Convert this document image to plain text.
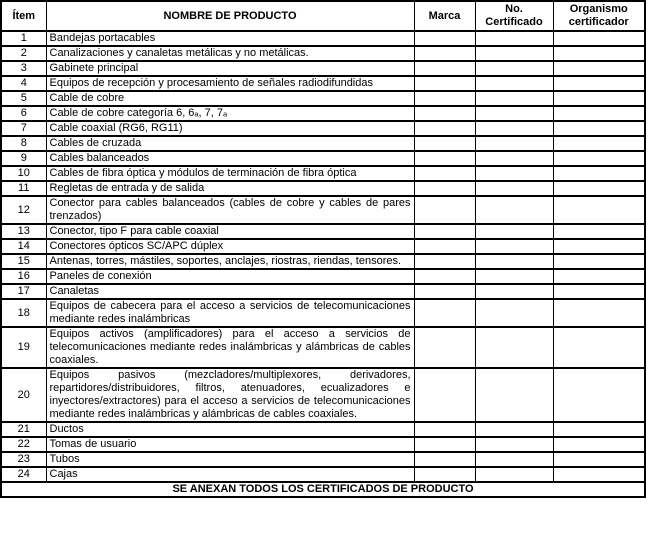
Ítem	NOMBRE DE PRODUCTO	Marca	No. Certificado	Organismo certificador
1	Bandejas portacables			
2	Canalizaciones y canaletas metálicas y no metálicas.			
3	Gabinete principal			
4	Equipos de recepción y procesamiento de señales radiodifundidas			
5	Cable de cobre			
6	Cable de cobre categoría 6, 6ₐ, 7, 7ₐ			
7	Cable coaxial (RG6, RG11)			
8	Cables de cruzada			
9	Cables balanceados			
10	Cables de fibra óptica y módulos de terminación de fibra óptica			
11	Regletas de entrada y de salida			
12	Conector para cables balanceados (cables de cobre y cables de pares trenzados)			
13	Conector, tipo F para cable coaxial			
14	Conectores ópticos SC/APC dúplex			
15	Antenas, torres, mástiles, soportes, anclajes, riostras, riendas, tensores.			
16	Paneles de conexión			
17	Canaletas			
18	Equipos de cabecera para el acceso a servicios de telecomunicaciones mediante redes inalámbricas			
19	Equipos activos (amplificadores) para el acceso a servicios de telecomunicaciones mediante redes inalámbricas y alámbricas de cables coaxiales.			
20	Equipos pasivos (mezcladores/multiplexores, derivadores, repartidores/distribuidores, filtros, atenuadores, ecualizadores e inyectores/extractores) para el acceso a servicios de telecomunicaciones mediante redes inalámbricas y alámbricas de cables coaxiales.			
21	Ductos			
22	Tomas de usuario			
23	Tubos			
24	Cajas			
SE ANEXAN TODOS LOS CERTIFICADOS DE PRODUCTO				
